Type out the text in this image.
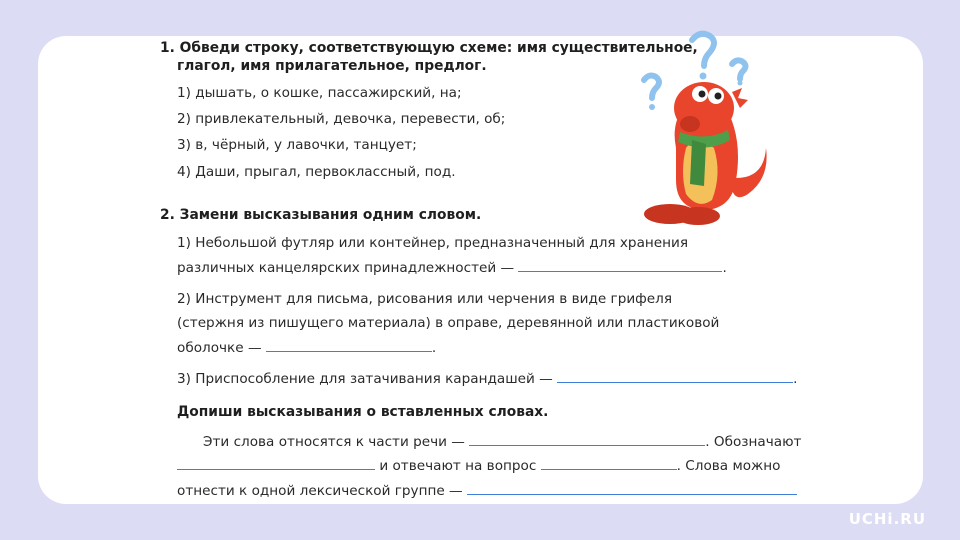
1. Обведи строку, соответствующую схеме: имя существительное,
глагол, имя прилагательное, предлог.
1) дышать, о кошке, пассажирский, на;
2) привлекательный, девочка, перевести, об;
3) в, чёрный, у лавочки, танцует;
4) Даши, прыгал, первоклассный, под.
2. Замени высказывания одним словом.
1) Небольшой футляр или контейнер, предназначенный для хранения
различных канцелярских принадлежностей —	.
2) Инструмент для письма, рисования или черчения в виде грифеля
(стержня из пишущего материала) в оправе, деревянной или пластиковой
оболочке —	.
3) Приспособление для затачивания карандашей —	.
Допиши высказывания о вставленных словах.
Эти слова относятся к части речи —	. Обозначают
и отвечают на вопрос	. Слова можно
отнести к одной лексической группе —
UCHi.RU
